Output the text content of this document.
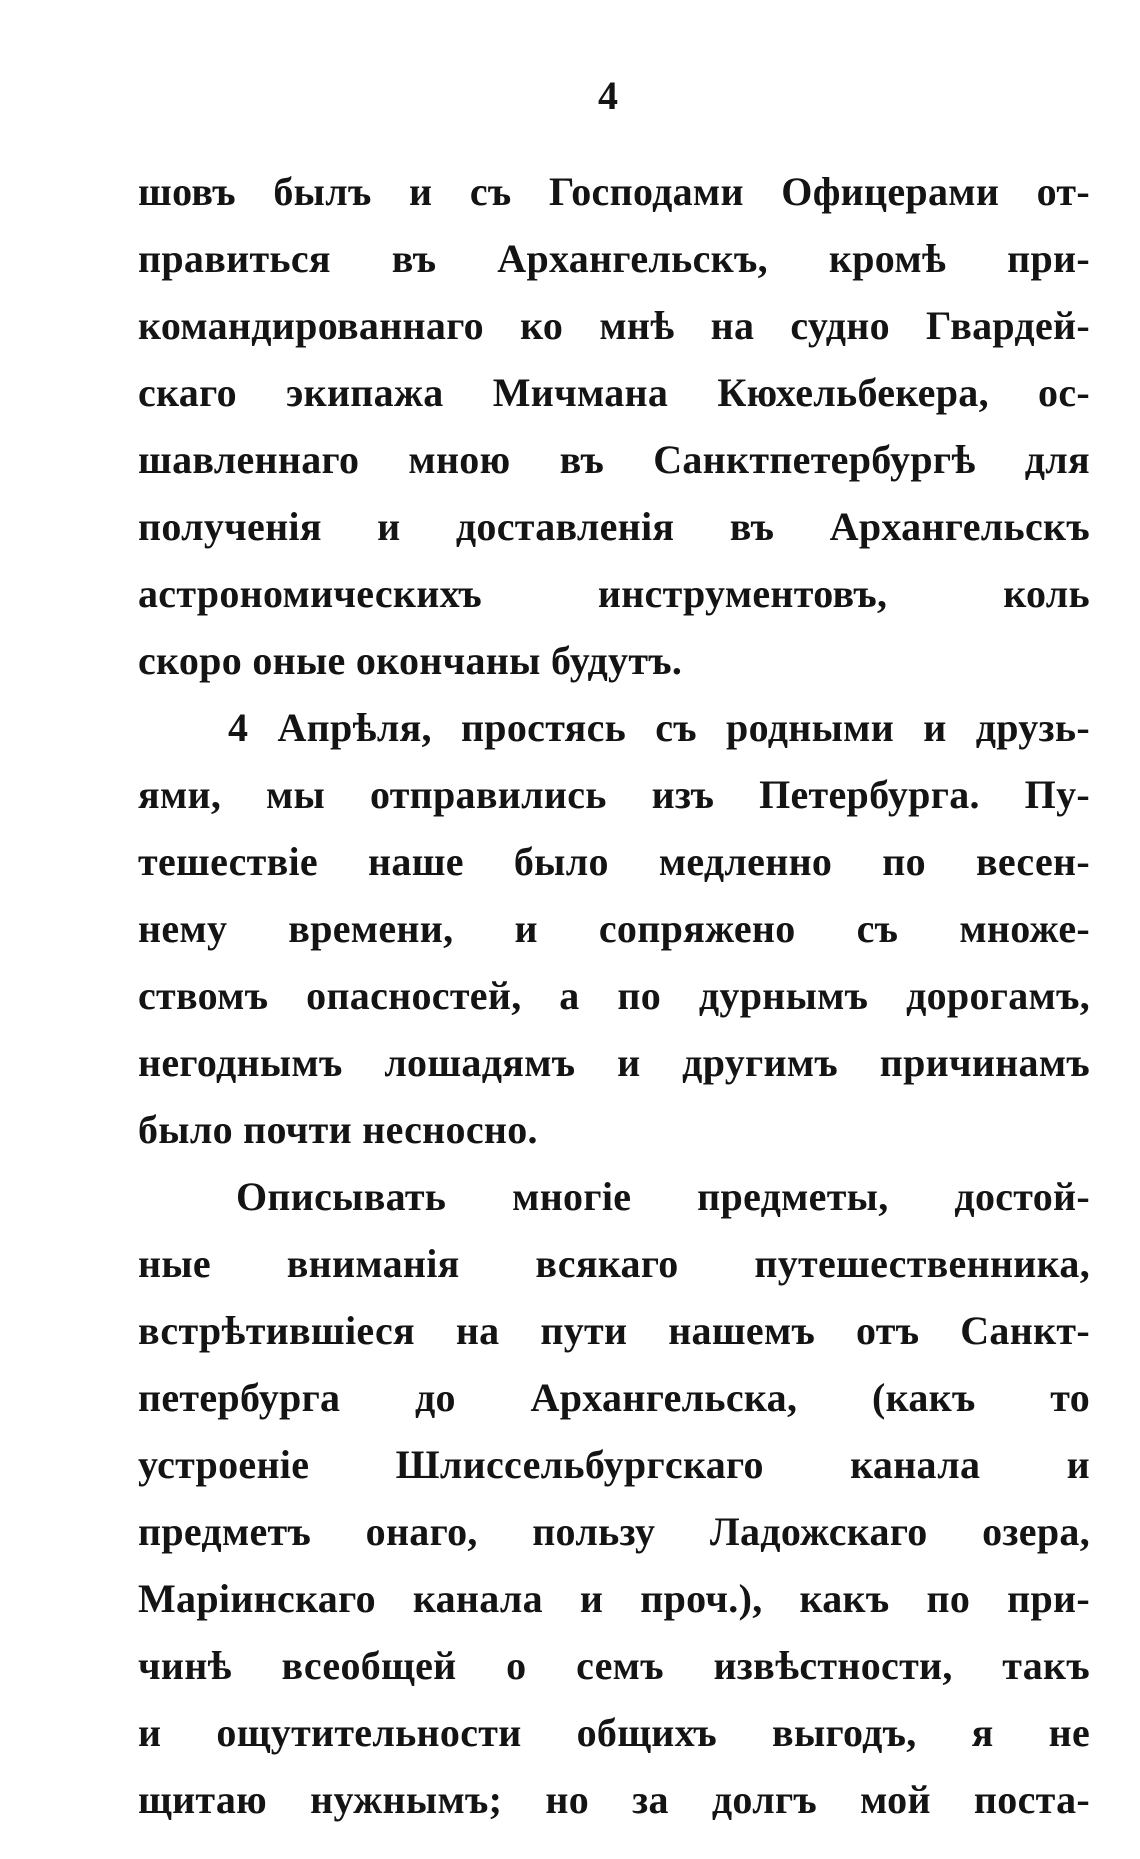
4
шовъ былъ и съ Господами Офицерами от-
правиться въ Архангельскъ, кромѣ при-
командированнаго ко мнѣ на судно Гвардей-
скаго экипажа Мичмана Кюхельбекера, ос-
шавленнаго мною въ Санктпетербургѣ для
полученія и доставленія въ Архангельскъ
астрономическихъ инструментовъ, коль
скоро оные окончаны будутъ.
4 Апрѣля, простясь съ родными и друзь-
ями, мы отправились изъ Петербурга. Пу-
тешествіе наше было медленно по весен-
нему времени, и сопряжено съ множе-
ствомъ опасностей, а по дурнымъ дорогамъ,
негоднымъ лошадямъ и другимъ причинамъ
было почти несносно.
Описывать многіе предметы, достой-
ные вниманія всякаго путешественника,
встрѣтившіеся на пути нашемъ отъ Санкт-
петербурга до Архангельска, (какъ то
устроеніе Шлиссельбургскаго канала и
предметъ онаго, пользу Ладожскаго озера,
Маріинскаго канала и проч.), какъ по при-
чинѣ всеобщей о семъ извѣстности, такъ
и ощутительности общихъ выгодъ, я не
щитаю нужнымъ; но за долгъ мой поста-
